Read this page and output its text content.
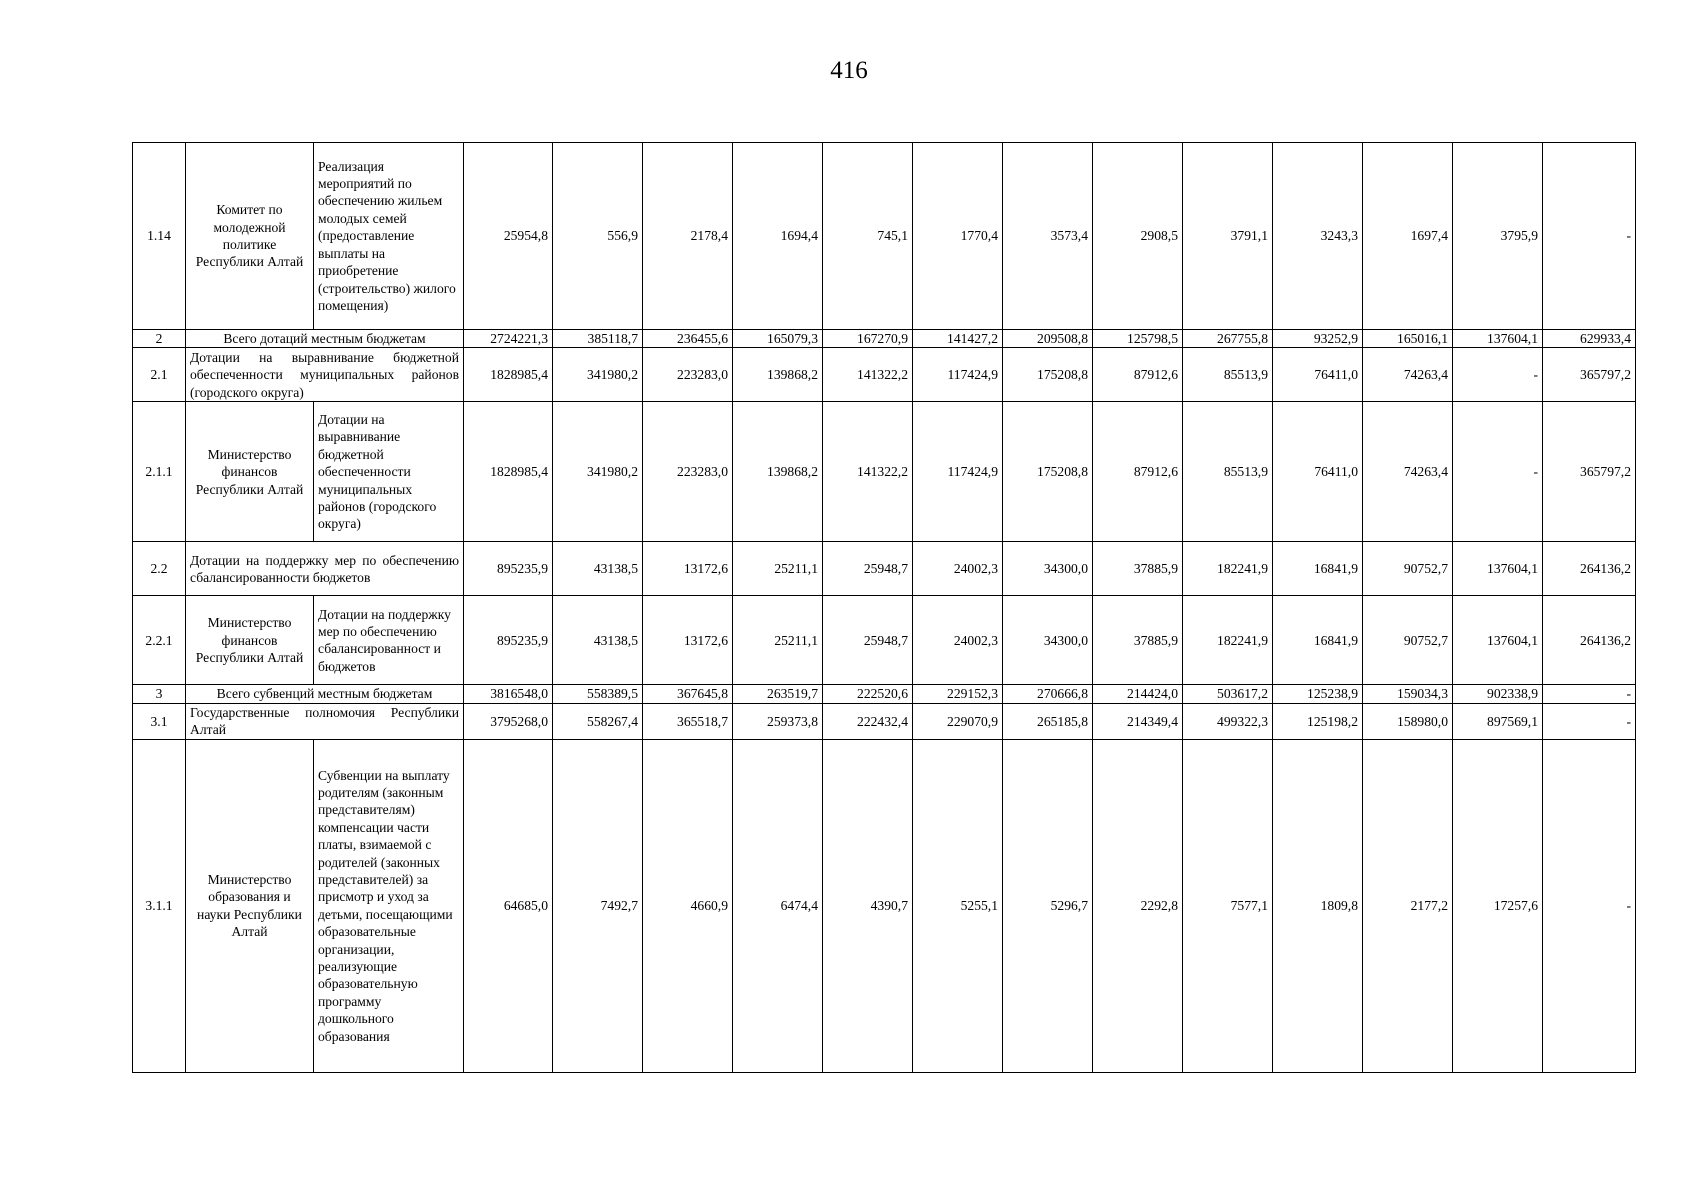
416
1.14	Комитет по молодежной политике Республики Алтай	Реализация мероприятий по обеспечению жильем молодых семей (предоставление выплаты на приобретение (строительство) жилого помещения)	25954,8	556,9	2178,4	1694,4	745,1	1770,4	3573,4	2908,5	3791,1	3243,3	1697,4	3795,9	-
2	Всего дотаций местным бюджетам		2724221,3	385118,7	236455,6	165079,3	167270,9	141427,2	209508,8	125798,5	267755,8	93252,9	165016,1	137604,1	629933,4
2.1	Дотации на выравнивание бюджетной обеспеченности муниципальных районов (городского округа)		1828985,4	341980,2	223283,0	139868,2	141322,2	117424,9	175208,8	87912,6	85513,9	76411,0	74263,4	-	365797,2
2.1.1	Министерство финансов Республики Алтай	Дотации на выравнивание бюджетной обеспеченности муниципальных районов (городского округа)	1828985,4	341980,2	223283,0	139868,2	141322,2	117424,9	175208,8	87912,6	85513,9	76411,0	74263,4	-	365797,2
2.2	Дотации на поддержку мер по обеспечению сбалансированности бюджетов		895235,9	43138,5	13172,6	25211,1	25948,7	24002,3	34300,0	37885,9	182241,9	16841,9	90752,7	137604,1	264136,2
2.2.1	Министерство финансов Республики Алтай	Дотации на поддержку мер по обеспечению сбалансированност и бюджетов	895235,9	43138,5	13172,6	25211,1	25948,7	24002,3	34300,0	37885,9	182241,9	16841,9	90752,7	137604,1	264136,2
3	Всего субвенций местным бюджетам		3816548,0	558389,5	367645,8	263519,7	222520,6	229152,3	270666,8	214424,0	503617,2	125238,9	159034,3	902338,9	-
3.1	Государственные полномочия Республики Алтай		3795268,0	558267,4	365518,7	259373,8	222432,4	229070,9	265185,8	214349,4	499322,3	125198,2	158980,0	897569,1	-
3.1.1	Министерство образования и науки Республики Алтай	Субвенции на выплату родителям (законным представителям) компенсации части платы, взимаемой с родителей (законных представителей) за присмотр и уход за детьми, посещающими образовательные организации, реализующие образовательную программу дошкольного образования	64685,0	7492,7	4660,9	6474,4	4390,7	5255,1	5296,7	2292,8	7577,1	1809,8	2177,2	17257,6	-
